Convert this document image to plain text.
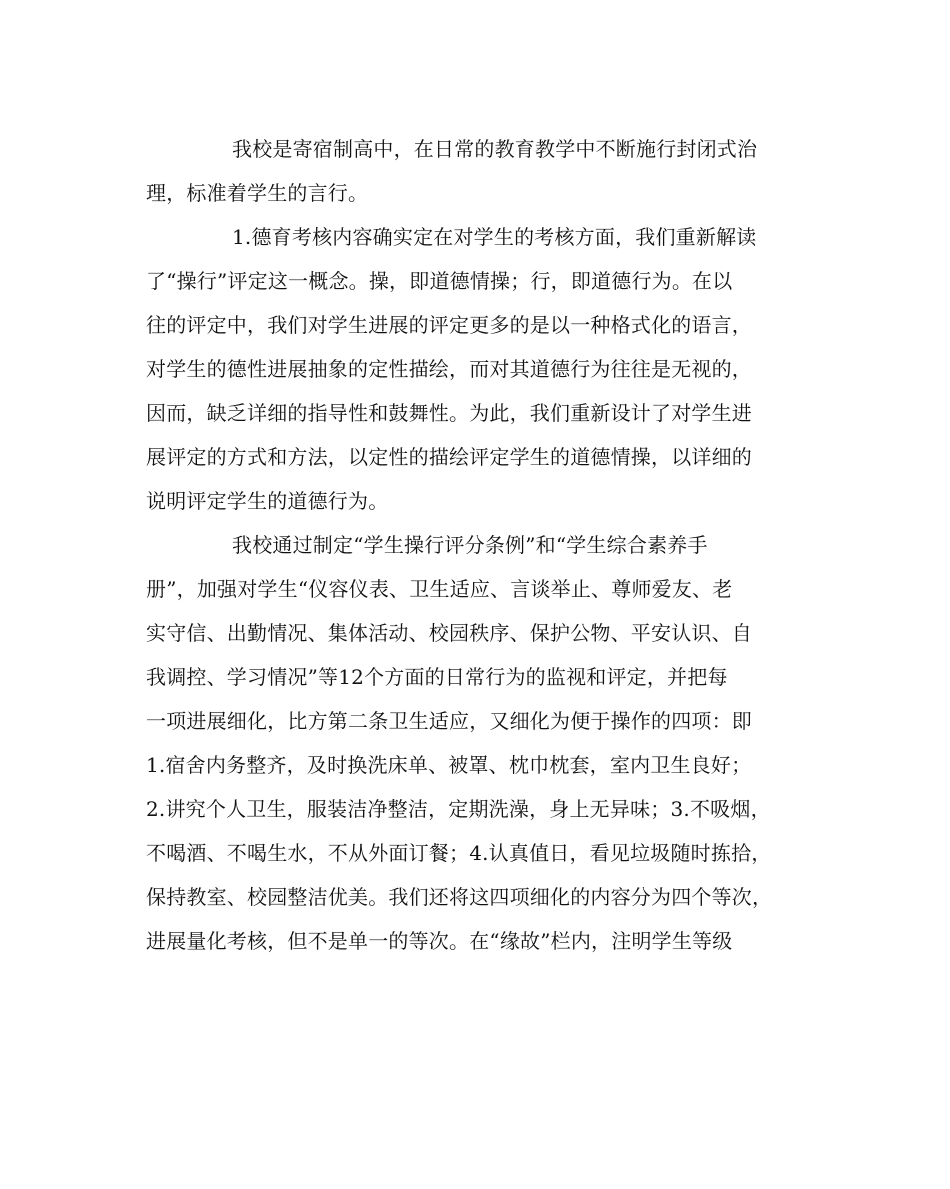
我校是寄宿制高中，在日常的教育教学中不断施行封闭式治
理，标准着学生的言行。
1.德育考核内容确实定在对学生的考核方面，我们重新解读
了“操行”评定这一概念。操，即道德情操；行，即道德行为。在以
往的评定中，我们对学生进展的评定更多的是以一种格式化的语言，
对学生的德性进展抽象的定性描绘，而对其道德行为往往是无视的，
因而，缺乏详细的指导性和鼓舞性。为此，我们重新设计了对学生进
展评定的方式和方法，以定性的描绘评定学生的道德情操，以详细的
说明评定学生的道德行为。
我校通过制定“学生操行评分条例”和“学生综合素养手
册”，加强对学生“仪容仪表、卫生适应、言谈举止、尊师爱友、老
实守信、出勤情况、集体活动、校园秩序、保护公物、平安认识、自
我调控、学习情况”等12个方面的日常行为的监视和评定，并把每
一项进展细化，比方第二条卫生适应，又细化为便于操作的四项：即
1.宿舍内务整齐，及时换洗床单、被罩、枕巾枕套，室内卫生良好；
2.讲究个人卫生，服装洁净整洁，定期洗澡，身上无异味；3.不吸烟，
不喝酒、不喝生水，不从外面订餐；4.认真值日，看见垃圾随时拣拾，
保持教室、校园整洁优美。我们还将这四项细化的内容分为四个等次，
进展量化考核，但不是单一的等次。在“缘故”栏内，注明学生等级
